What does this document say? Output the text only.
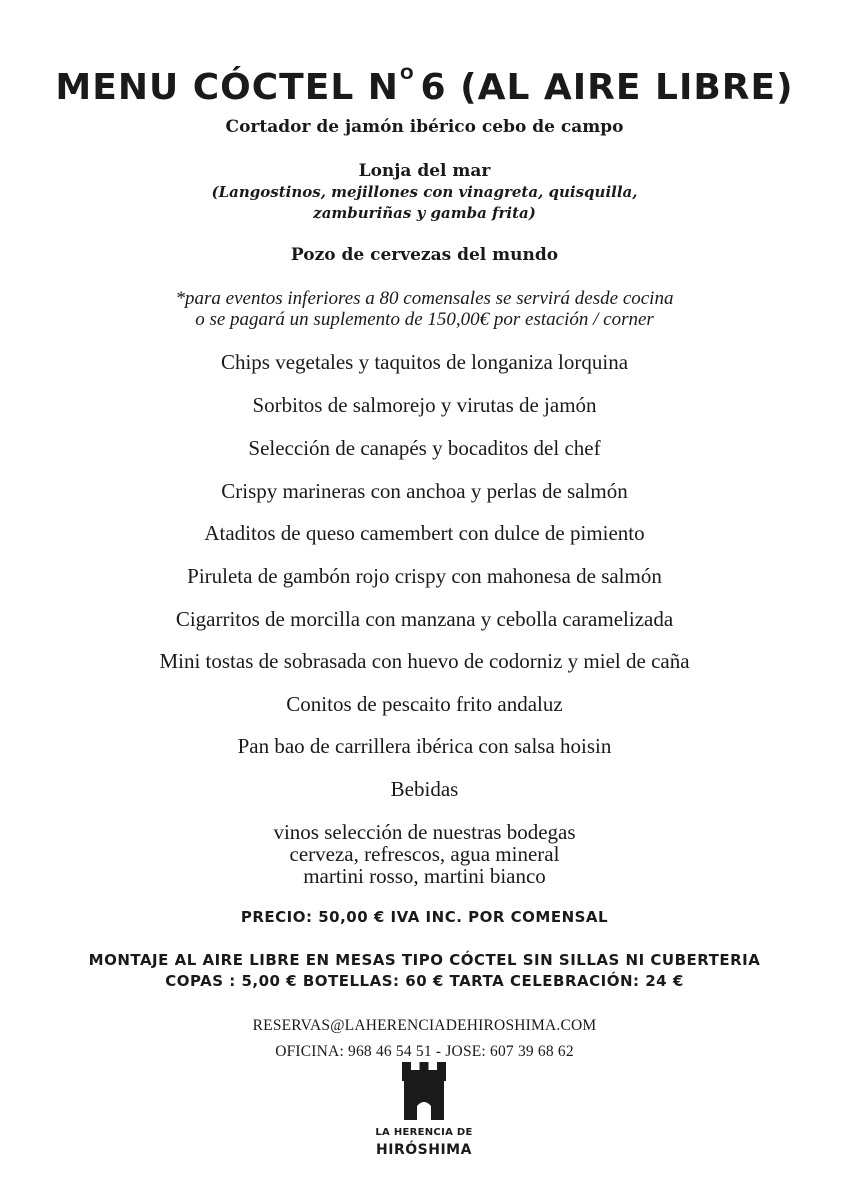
MENU CÓCTEL $N^O$ 6 (AL AIRE LIBRE)
Cortador de jamón ibérico cebo de campo
Lonja del mar
(Langostinos, mejillones con vinagreta, quisquilla,
zamburiñas y gamba frita)
Pozo de cervezas del mundo
*para eventos inferiores a 80 comensales se servirá desde cocina
o se pagará un suplemento de 150,00€ por estación / corner
Chips vegetales y taquitos de longaniza lorquina
Sorbitos de salmorejo y virutas de jamón
Selección de canapés y bocaditos del chef
Crispy marineras con anchoa y perlas de salmón
Ataditos de queso camembert con dulce de pimiento
Piruleta de gambón rojo crispy con mahonesa de salmón
Cigarritos de morcilla con manzana y cebolla caramelizada
Mini tostas de sobrasada con huevo de codorniz y miel de caña
Conitos de pescaito frito andaluz
Pan bao de carrillera ibérica con salsa hoisin
Bebidas
vinos selección de nuestras bodegas
cerveza, refrescos, agua mineral
martini rosso, martini bianco
PRECIO: 50,00 € IVA INC. POR COMENSAL
MONTAJE AL AIRE LIBRE EN MESAS TIPO CÓCTEL SIN SILLAS NI CUBERTERIA
COPAS : 5,00 € BOTELLAS: 60 € TARTA CELEBRACIÓN: 24 €
RESERVAS@LAHERENCIADEHIROSHIMA.COM
OFICINA: 968 46 54 51 - JOSE: 607 39 68 62
LA HERENCIA DE
HIRÓSHIMA
